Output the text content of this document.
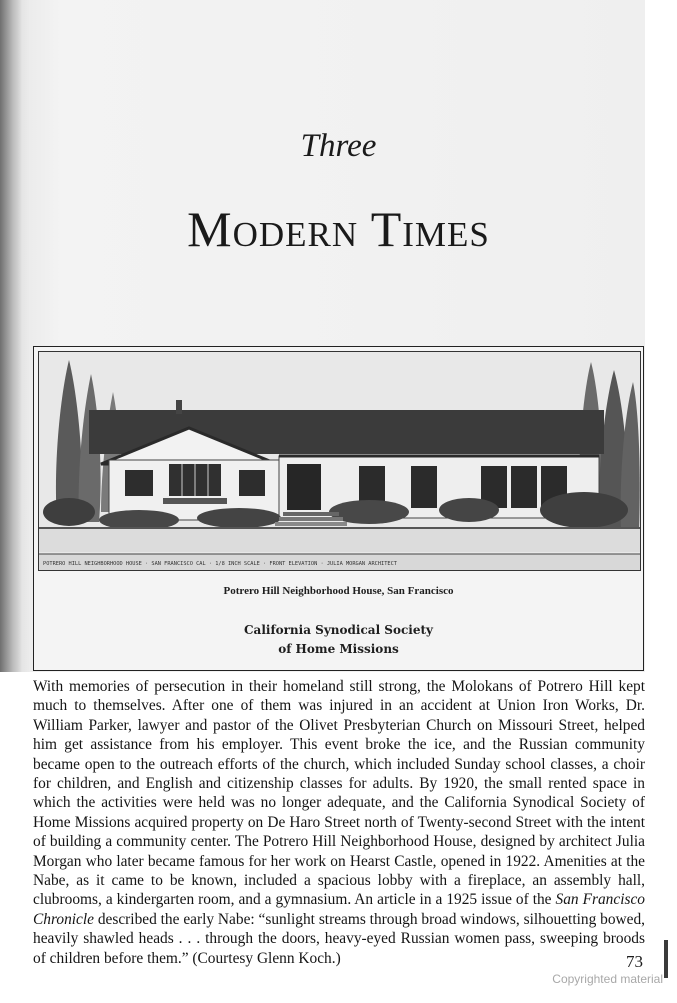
Three
MODERN TIMES
POTRERO HILL NEIGHBORHOOD HOUSE · SAN FRANCISCO CAL · 1/8 INCH SCALE · FRONT ELEVATION · JULIA MORGAN ARCHITECT
Potrero Hill Neighborhood House, San Francisco
California Synodical Society
of Home Missions
With memories of persecution in their homeland still strong, the Molokans of Potrero Hill kept much to themselves. After one of them was injured in an accident at Union Iron Works, Dr. William Parker, lawyer and pastor of the Olivet Presbyterian Church on Missouri Street, helped him get assistance from his employer. This event broke the ice, and the Russian community became open to the outreach efforts of the church, which included Sunday school classes, a choir for children, and English and citizenship classes for adults. By 1920, the small rented space in which the activities were held was no longer adequate, and the California Synodical Society of Home Missions acquired property on De Haro Street north of Twenty-second Street with the intent of building a community center. The Potrero Hill Neighborhood House, designed by architect Julia Morgan who later became famous for her work on Hearst Castle, opened in 1922. Amenities at the Nabe, as it came to be known, included a spacious lobby with a fireplace, an assembly hall, clubrooms, a kindergarten room, and a gymnasium. An article in a 1925 issue of the San Francisco Chronicle described the early Nabe: “sunlight streams through broad windows, silhouetting bowed, heavily shawled heads . . . through the doors, heavy-eyed Russian women pass, sweeping broods of children before them.” (Courtesy Glenn Koch.)	73
Copyrighted material
